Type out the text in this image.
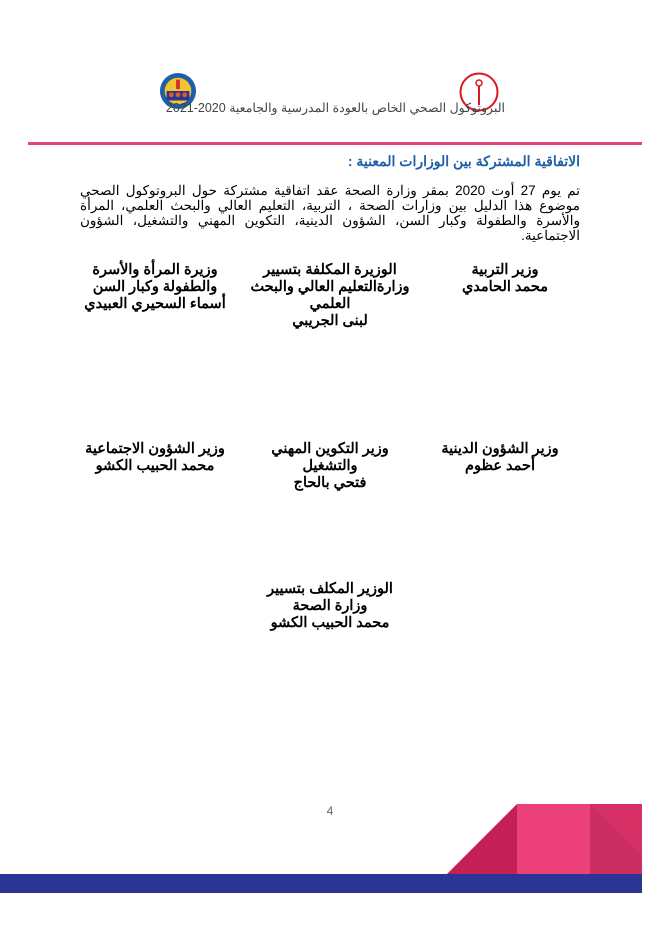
البروتوكول الصحي الخاص بالعودة المدرسية والجامعية 2020-2021
الاتفاقية المشتركة بين الوزارات المعنية :
تم يوم 27 أوت 2020 بمقر وزارة الصحة عقد اتفاقية مشتركة حول البروتوكول الصحي موضوع هذا الدليل بين وزارات الصحة ، التربية، التعليم العالي والبحث العلمي، المرأة والأسرة والطفولة وكبار السن، الشؤون الدينية، التكوين المهني والتشغيل، الشؤون الاجتماعية.
وزير التربية
محمد الحامدي
الوزيرة المكلفة بتسيير
وزارةالتعليم العالي والبحث
العلمي
لبنى الجريبي
وزيرة المرأة والأسرة
والطفولة وكبار السن
أسماء السحيري العبيدي
وزير الشؤون الدينية
أحمد عظوم
وزير التكوين المهني
والتشغيل
فتحي بالحاج
وزير الشؤون الاجتماعية
محمد الحبيب الكشو
الوزير المكلف بتسيير
وزارة الصحة
محمد الحبيب الكشو
4
